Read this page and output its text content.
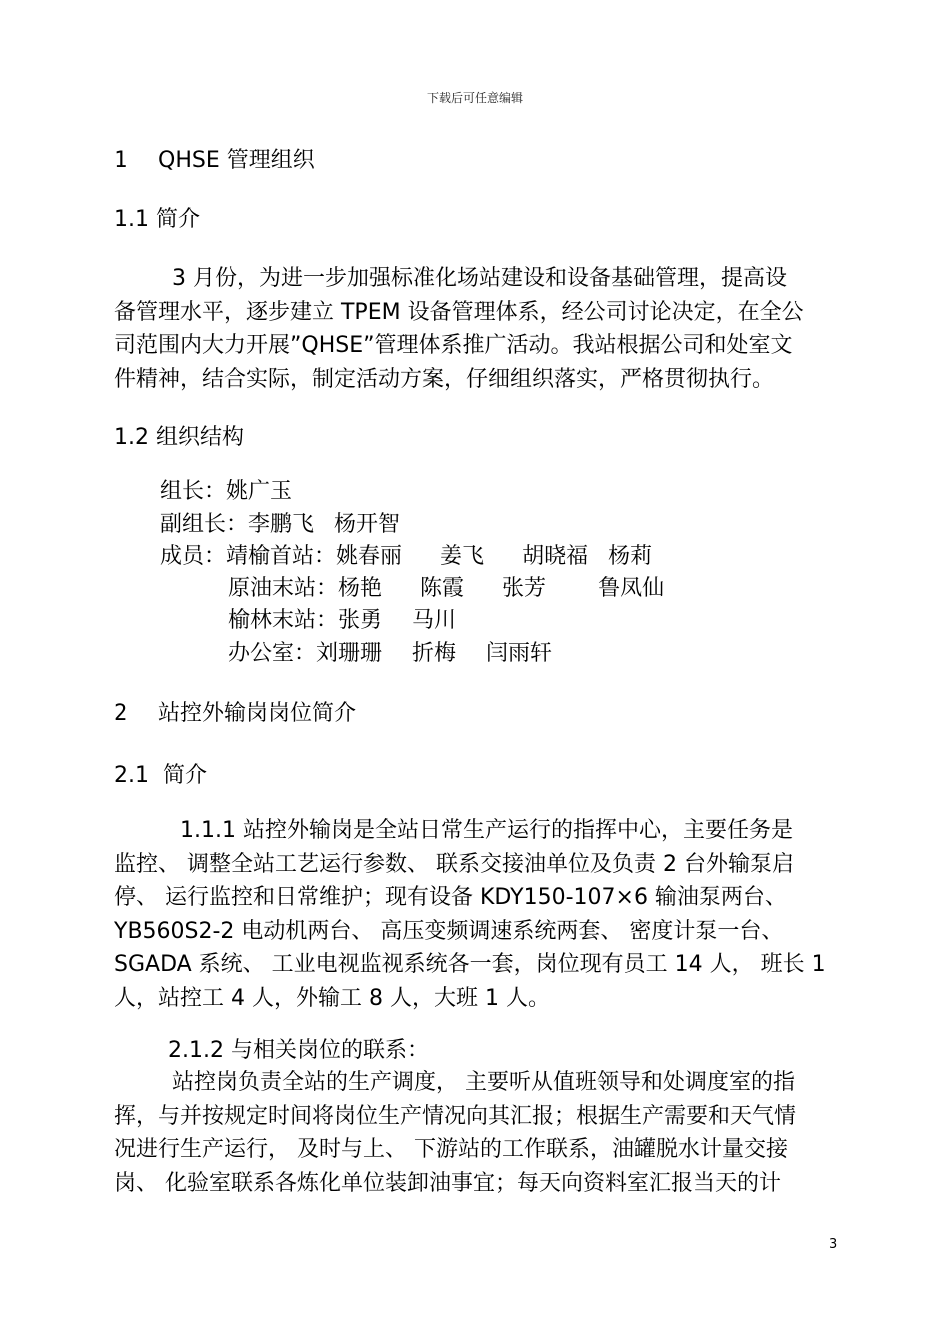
下载后可任意编辑
1 QHSE 管理组织
1.1 简介
3 月份，为进一步加强标准化场站建设和设备基础管理，提高设
备管理水平，逐步建立 TPEM 设备管理体系，经公司讨论决定，在全公
司范围内大力开展”QHSE”管理体系推广活动。我站根据公司和处室文
件精神，结合实际，制定活动方案，仔细组织落实，严格贯彻执行。
1.2 组织结构
组长：姚广玉
副组长：李鹏飞 杨开智
成员：靖榆首站：姚春丽 姜飞 胡晓福 杨莉
原油末站：杨艳 陈霞 张芳 鲁凤仙
榆林末站：张勇 马川
办公室：刘珊珊 折梅 闫雨轩
2 站控外输岗岗位简介
2.1  简介
1.1.1 站控外输岗是全站日常生产运行的指挥中心，主要任务是
监控、 调整全站工艺运行参数、 联系交接油单位及负责 2 台外输泵启
停、 运行监控和日常维护；现有设备 KDY150-107×6 输油泵两台、
YB560S2-2 电动机两台、 高压变频调速系统两套、 密度计泵一台、
SGADA 系统、 工业电视监视系统各一套，岗位现有员工 14 人， 班长 1
人，站控工 4 人，外输工 8 人，大班 1 人。
2.1.2 与相关岗位的联系：
站控岗负责全站的生产调度， 主要听从值班领导和处调度室的指
挥，与并按规定时间将岗位生产情况向其汇报；根据生产需要和天气情
况进行生产运行， 及时与上、 下游站的工作联系，油罐脱水计量交接
岗、 化验室联系各炼化单位装卸油事宜；每天向资料室汇报当天的计
3
